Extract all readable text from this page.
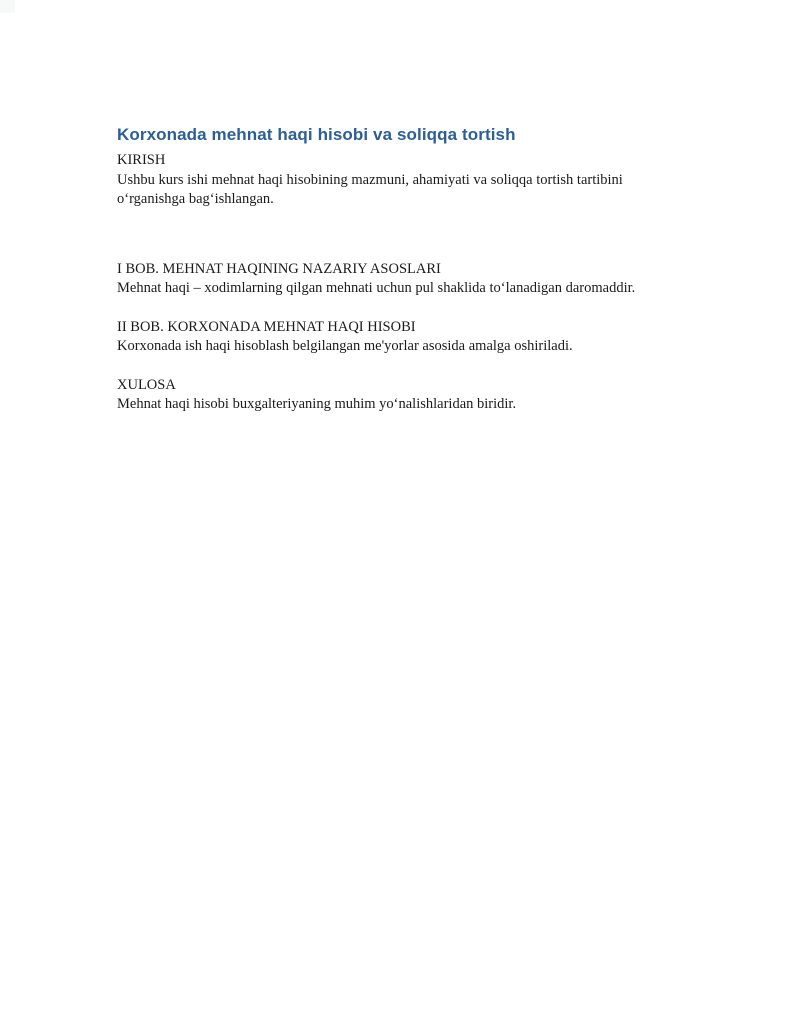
Korxonada mehnat haqi hisobi va soliqqa tortish

KIRISH

Ushbu kurs ishi mehnat haqi hisobining mazmuni, ahamiyati va soliqqa tortish tartibini oʻrganishga bagʻishlangan.

I BOB. MEHNAT HAQINING NAZARIY ASOSLARI

Mehnat haqi – xodimlarning qilgan mehnati uchun pul shaklida toʻlanadigan daromaddir.

II BOB. KORXONADA MEHNAT HAQI HISOBI

Korxonada ish haqi hisoblash belgilangan me'yorlar asosida amalga oshiriladi.

XULOSA

Mehnat haqi hisobi buxgalteriyaning muhim yoʻnalishlaridan biridir.
